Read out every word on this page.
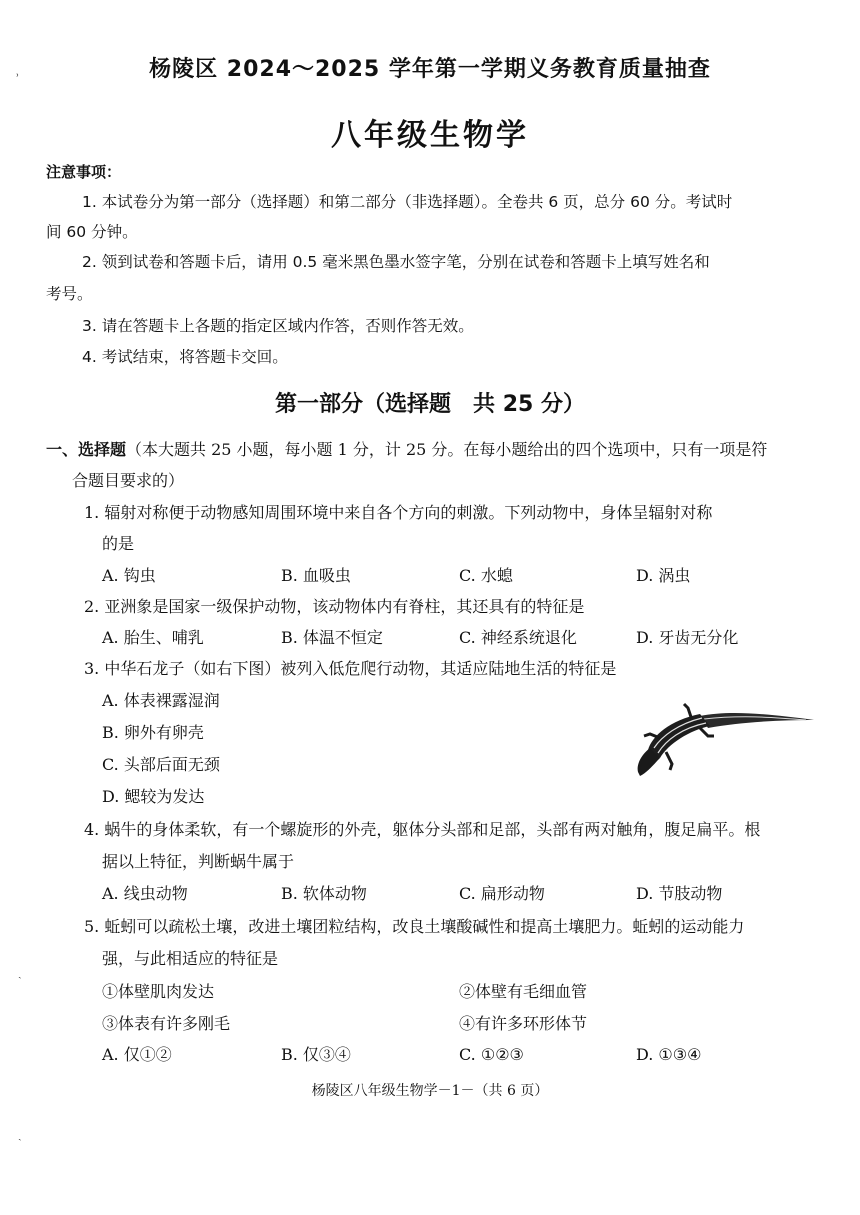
ʾ	杨陵区 2024～2025 学年第一学期义务教育质量抽查
八年级生物学
注意事项：
1. 本试卷分为第一部分（选择题）和第二部分（非选择题）。全卷共 6 页，总分 60 分。考试时
间 60 分钟。
2. 领到试卷和答题卡后，请用 0.5 毫米黑色墨水签字笔，分别在试卷和答题卡上填写姓名和
考号。
3. 请在答题卡上各题的指定区域内作答，否则作答无效。
4. 考试结束，将答题卡交回。
第一部分（选择题　共 25 分）
一、选择题（本大题共 25 小题，每小题 1 分，计 25 分。在每小题给出的四个选项中，只有一项是符
合题目要求的）
1. 辐射对称便于动物感知周围环境中来自各个方向的刺激。下列动物中，身体呈辐射对称
的是
A. 钩虫	B. 血吸虫	C. 水螅	D. 涡虫
2. 亚洲象是国家一级保护动物，该动物体内有脊柱，其还具有的特征是
A. 胎生、哺乳	B. 体温不恒定	C. 神经系统退化	D. 牙齿无分化
3. 中华石龙子（如右下图）被列入低危爬行动物，其适应陆地生活的特征是
A. 体表裸露湿润
B. 卵外有卵壳
C. 头部后面无颈
D. 鳃较为发达
4. 蜗牛的身体柔软，有一个螺旋形的外壳，躯体分头部和足部，头部有两对触角，腹足扁平。根
据以上特征，判断蜗牛属于
A. 线虫动物	B. 软体动物	C. 扁形动物	D. 节肢动物
5. 蚯蚓可以疏松土壤，改进土壤团粒结构，改良土壤酸碱性和提高土壤肥力。蚯蚓的运动能力
强，与此相适应的特征是
①体壁肌肉发达	②体壁有毛细血管
③体表有许多刚毛	④有许多环形体节
A. 仅①②	B. 仅③④	C. ①②③	D. ①③④
杨陵区八年级生物学－1－（共 6 页）
ˏ
ˏ
